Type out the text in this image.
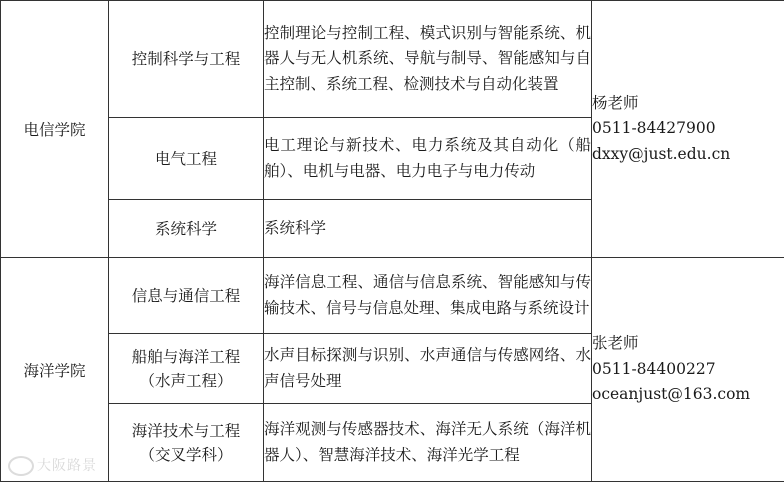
电信学院	控制科学与工程	控制理论与控制工程、模式识别与智能系统、机器人与无人机系统、导航与制导、智能感知与自主控制、系统工程、检测技术与自动化装置	杨老师
0511-84427900
dxxy@just.edu.cn

	电气工程	电工理论与新技术、电力系统及其自动化（船舶）、电机与电器、电力电子与电力传动	

	系统科学	系统科学	
海洋学院	信息与通信工程	海洋信息工程、通信与信息系统、智能感知与传输技术、信号与信息处理、集成电路与系统设计	张老师
0511-84400227
oceanjust@163.com

	船舶与海洋工程
（水声工程）	水声目标探测与识别、水声通信与传感网络、水声信号处理	

	海洋技术与工程
（交叉学科）	海洋观测与传感器技术、海洋无人系统（海洋机器人）、智慧海洋技术、海洋光学工程	
大阪路景
